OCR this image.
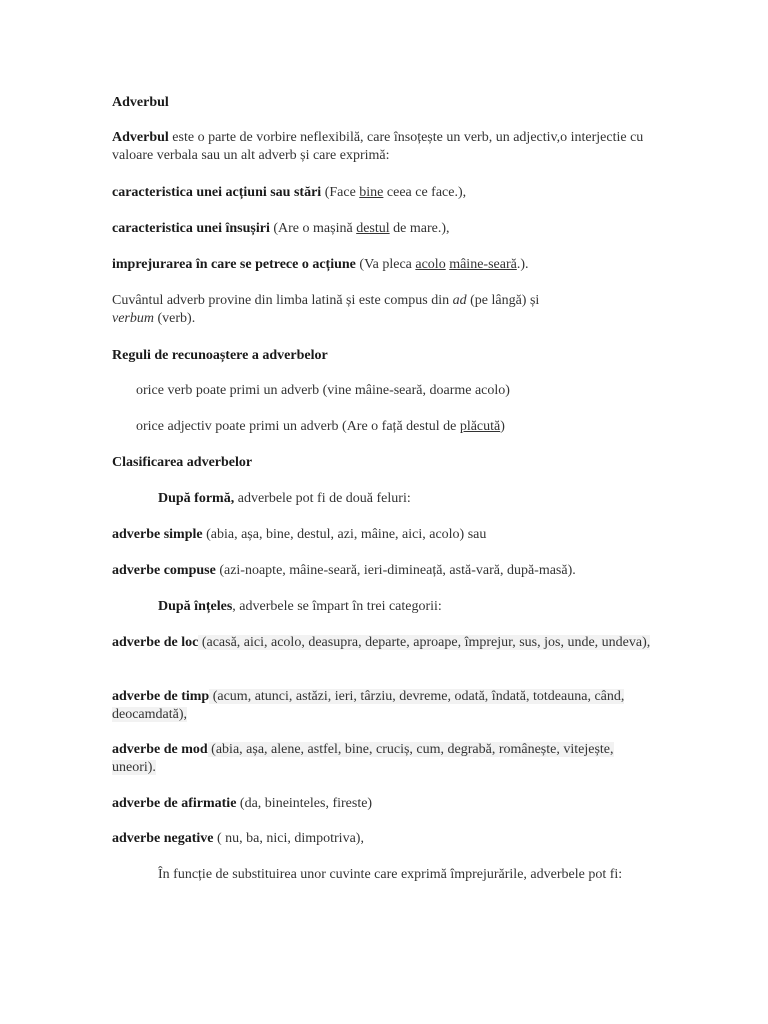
Adverbul
Adverbul este o parte de vorbire neflexibilă, care însoțește un verb, un adjectiv,o interjectie cu valoare verbala sau un alt adverb și care exprimă:
caracteristica unei acțiuni sau stări (Face bine ceea ce face.),
caracteristica unei însușiri (Are o mașină destul de mare.),
imprejurarea în care se petrece o acțiune (Va pleca acolo mâine-seară.).
Cuvântul adverb provine din limba latină și este compus din ad (pe lângă) și verbum (verb).
Reguli de recunoaștere a adverbelor
orice verb poate primi un adverb (vine mâine-seară, doarme acolo)
orice adjectiv poate primi un adverb (Are o față destul de plăcută)
Clasificarea adverbelor
După formă, adverbele pot fi de două feluri:
adverbe simple (abia, așa, bine, destul, azi, mâine, aici, acolo) sau
adverbe compuse (azi-noapte, mâine-seară, ieri-dimineață, astă-vară, după-masă).
După înțeles, adverbele se împart în trei categorii:
adverbe de loc (acasă, aici, acolo, deasupra, departe, aproape, împrejur, sus, jos, unde, undeva),
adverbe de timp (acum, atunci, astăzi, ieri, târziu, devreme, odată, îndată, totdeauna, când, deocamdată),
adverbe de mod (abia, așa, alene, astfel, bine, cruciș, cum, degrabă, românește, vitejește, uneori).
adverbe de afirmatie (da, bineinteles, fireste)
adverbe negative ( nu, ba, nici, dimpotriva),
În funcție de substituirea unor cuvinte care exprimă împrejurările, adverbele pot fi:
